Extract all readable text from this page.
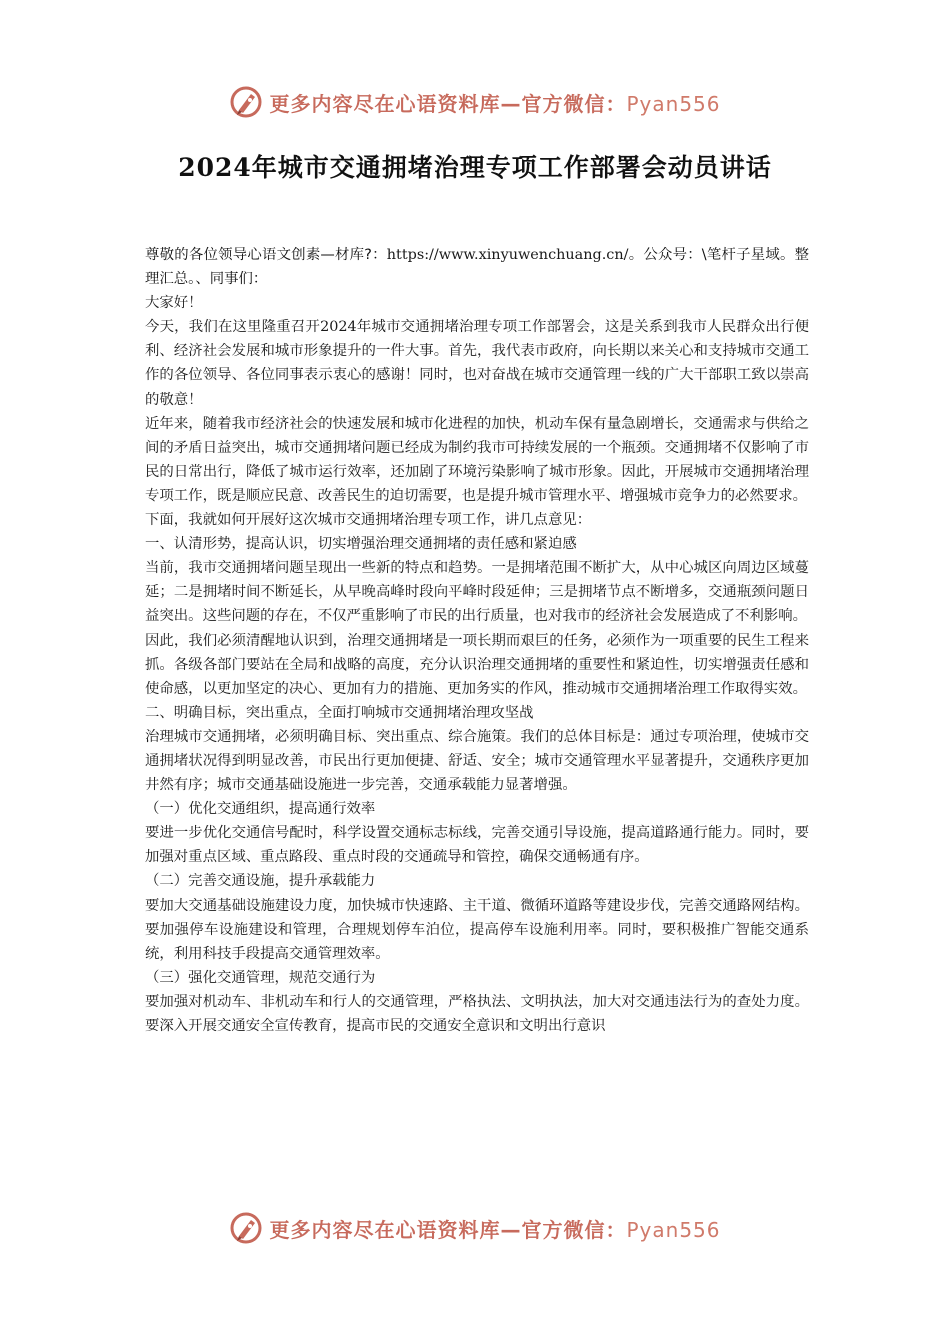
更多内容尽在心语资料库—官方微信：Pyan556
2024年城市交通拥堵治理专项工作部署会动员讲话

尊敬的各位领导心语文创素—材库?：https://www.xinyuwenchuang.cn/。公众号：\笔杆子星域。整理汇总。、同事们：

大家好！

今天，我们在这里隆重召开2024年城市交通拥堵治理专项工作部署会，这是关系到我市人民群众出行便利、经济社会发展和城市形象提升的一件大事。首先，我代表市政府，向长期以来关心和支持城市交通工作的各位领导、各位同事表示衷心的感谢！同时，也对奋战在城市交通管理一线的广大干部职工致以崇高的敬意！

近年来，随着我市经济社会的快速发展和城市化进程的加快，机动车保有量急剧增长，交通需求与供给之间的矛盾日益突出，城市交通拥堵问题已经成为制约我市可持续发展的一个瓶颈。交通拥堵不仅影响了市民的日常出行，降低了城市运行效率，还加剧了环境污染影响了城市形象。因此，开展城市交通拥堵治理专项工作，既是顺应民意、改善民生的迫切需要，也是提升城市管理水平、增强城市竞争力的必然要求。

下面，我就如何开展好这次城市交通拥堵治理专项工作，讲几点意见：

一、认清形势，提高认识，切实增强治理交通拥堵的责任感和紧迫感

当前，我市交通拥堵问题呈现出一些新的特点和趋势。一是拥堵范围不断扩大，从中心城区向周边区域蔓延；二是拥堵时间不断延长，从早晚高峰时段向平峰时段延伸；三是拥堵节点不断增多，交通瓶颈问题日益突出。这些问题的存在，不仅严重影响了市民的出行质量，也对我市的经济社会发展造成了不利影响。

因此，我们必须清醒地认识到，治理交通拥堵是一项长期而艰巨的任务，必须作为一项重要的民生工程来抓。各级各部门要站在全局和战略的高度，充分认识治理交通拥堵的重要性和紧迫性，切实增强责任感和使命感，以更加坚定的决心、更加有力的措施、更加务实的作风，推动城市交通拥堵治理工作取得实效。

二、明确目标，突出重点，全面打响城市交通拥堵治理攻坚战

治理城市交通拥堵，必须明确目标、突出重点、综合施策。我们的总体目标是：通过专项治理，使城市交通拥堵状况得到明显改善，市民出行更加便捷、舒适、安全；城市交通管理水平显著提升，交通秩序更加井然有序；城市交通基础设施进一步完善，交通承载能力显著增强。

（一）优化交通组织，提高通行效率

要进一步优化交通信号配时，科学设置交通标志标线，完善交通引导设施，提高道路通行能力。同时，要加强对重点区域、重点路段、重点时段的交通疏导和管控，确保交通畅通有序。

（二）完善交通设施，提升承载能力

要加大交通基础设施建设力度，加快城市快速路、主干道、微循环道路等建设步伐，完善交通路网结构。要加强停车设施建设和管理，合理规划停车泊位，提高停车设施利用率。同时，要积极推广智能交通系统，利用科技手段提高交通管理效率。

（三）强化交通管理，规范交通行为

要加强对机动车、非机动车和行人的交通管理，严格执法、文明执法，加大对交通违法行为的查处力度。要深入开展交通安全宣传教育，提高市民的交通安全意识和文明出行意识

更多内容尽在心语资料库—官方微信：Pyan556
